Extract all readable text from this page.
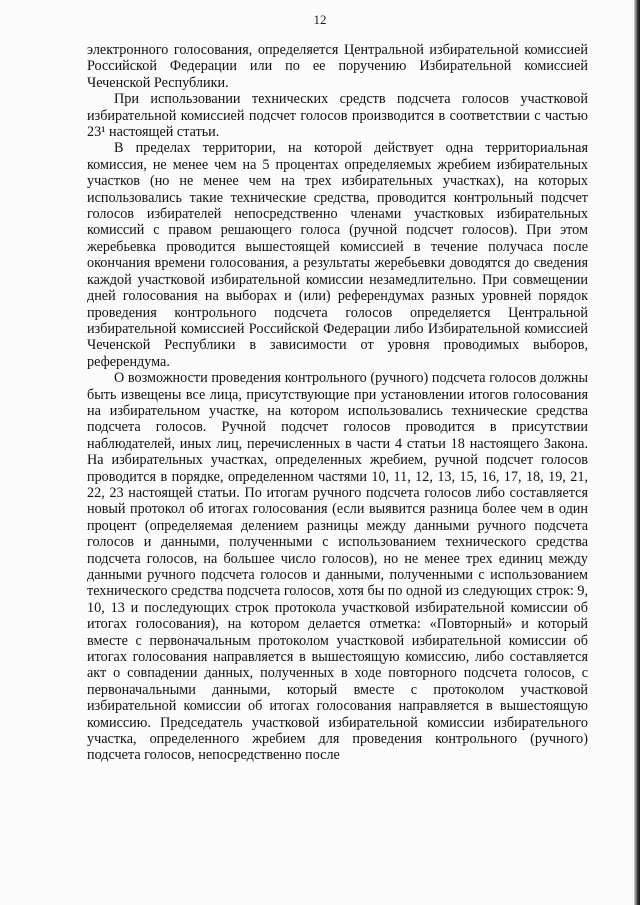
12

электронного голосования, определяется Центральной избирательной комиссией Российской Федерации или по ее поручению Избирательной комиссией Чеченской Республики.

При использовании технических средств подсчета голосов участковой избирательной комиссией подсчет голосов производится в соответствии с частью 23¹ настоящей статьи.

В пределах территории, на которой действует одна территориальная комиссия, не менее чем на 5 процентах определяемых жребием избирательных участков (но не менее чем на трех избирательных участках), на которых использовались такие технические средства, проводится контрольный подсчет голосов избирателей непосредственно членами участковых избирательных комиссий с правом решающего голоса (ручной подсчет голосов). При этом жеребьевка проводится вышестоящей комиссией в течение получаса после окончания времени голосования, а результаты жеребьевки доводятся до сведения каждой участковой избирательной комиссии незамедлительно. При совмещении дней голосования на выборах и (или) референдумах разных уровней порядок проведения контрольного подсчета голосов определяется Центральной избирательной комиссией Российской Федерации либо Избирательной комиссией Чеченской Республики в зависимости от уровня проводимых выборов, референдума.

О возможности проведения контрольного (ручного) подсчета голосов должны быть извещены все лица, присутствующие при установлении итогов голосования на избирательном участке, на котором использовались технические средства подсчета голосов. Ручной подсчет голосов проводится в присутствии наблюдателей, иных лиц, перечисленных в части 4 статьи 18 настоящего Закона. На избирательных участках, определенных жребием, ручной подсчет голосов проводится в порядке, определенном частями 10, 11, 12, 13, 15, 16, 17, 18, 19, 21, 22, 23 настоящей статьи. По итогам ручного подсчета голосов либо составляется новый протокол об итогах голосования (если выявится разница более чем в один процент (определяемая делением разницы между данными ручного подсчета голосов и данными, полученными с использованием технического средства подсчета голосов, на большее число голосов), но не менее трех единиц между данными ручного подсчета голосов и данными, полученными с использованием технического средства подсчета голосов, хотя бы по одной из следующих строк: 9, 10, 13 и последующих строк протокола участковой избирательной комиссии об итогах голосования), на котором делается отметка: «Повторный» и который вместе с первоначальным протоколом участковой избирательной комиссии об итогах голосования направляется в вышестоящую комиссию, либо составляется акт о совпадении данных, полученных в ходе повторного подсчета голосов, с первоначальными данными, который вместе с протоколом участковой избирательной комиссии об итогах голосования направляется в вышестоящую комиссию. Председатель участковой избирательной комиссии избирательного участка, определенного жребием для проведения контрольного (ручного) подсчета голосов, непосредственно после
